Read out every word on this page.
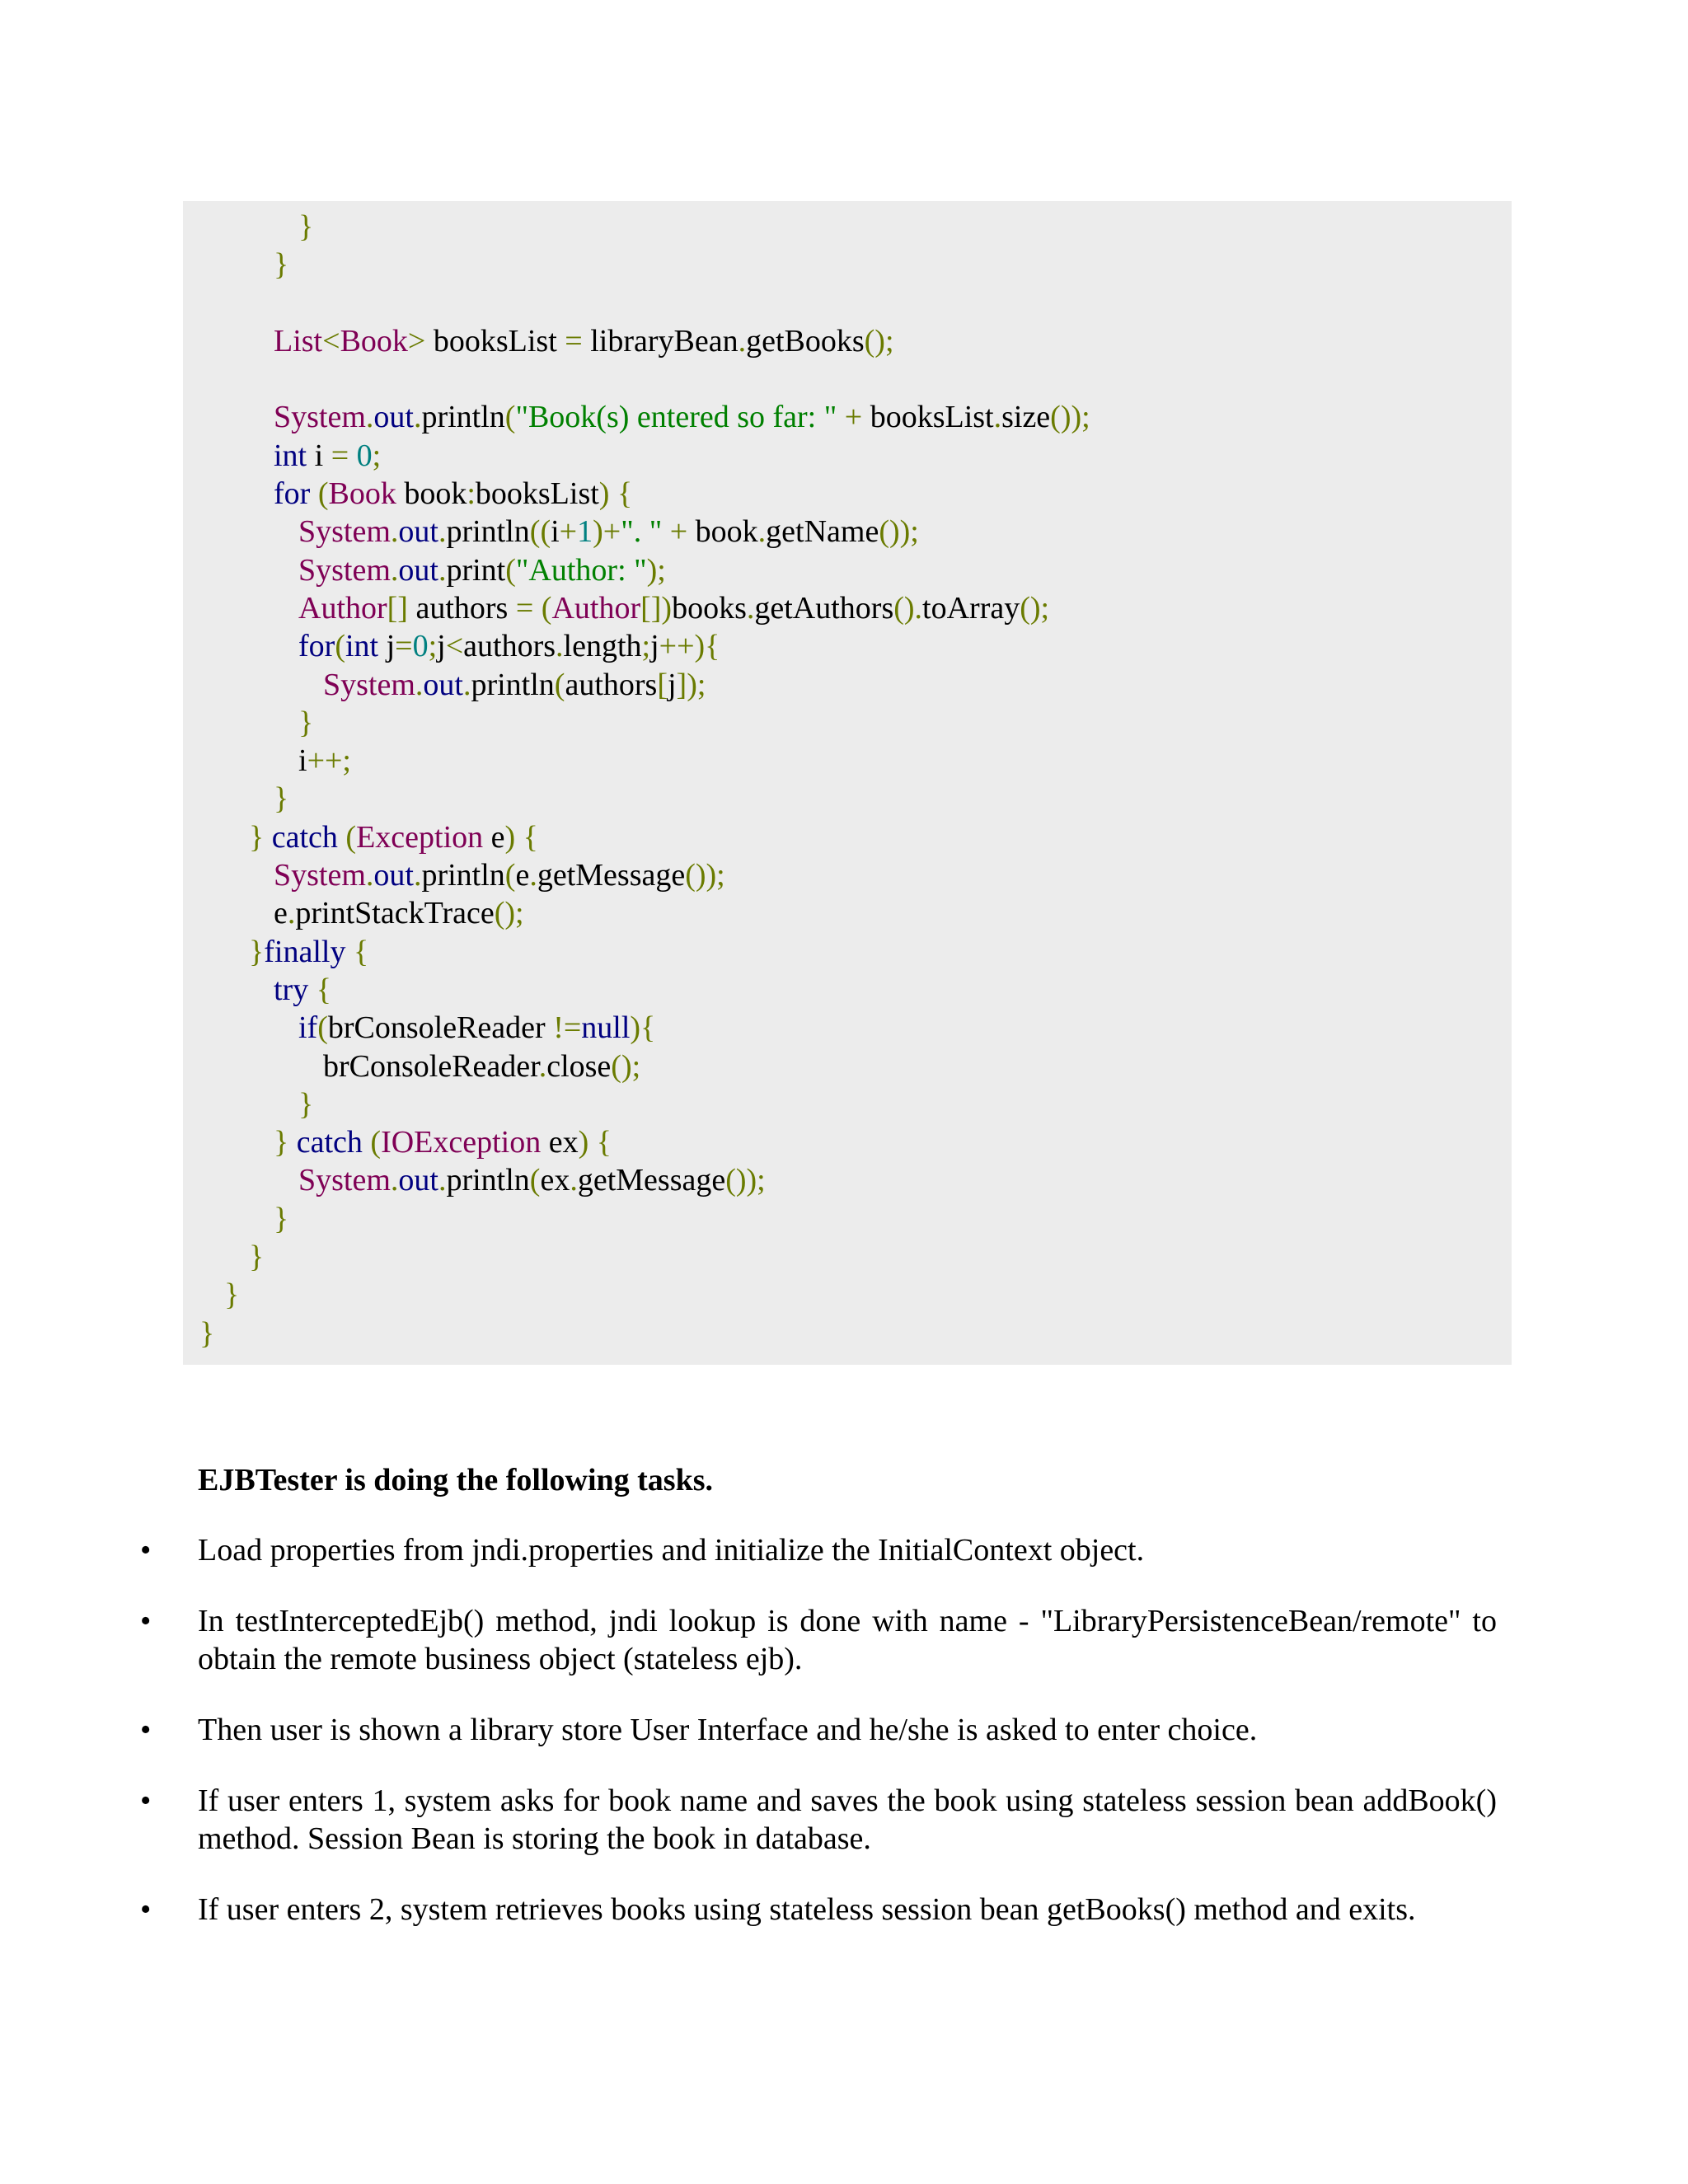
}
}
List<Book> booksList = libraryBean.getBooks();
System.out.println("Book(s) entered so far: " + booksList.size());
int i = 0;
for (Book book:booksList) {
System.out.println((i+1)+". " + book.getName());
System.out.print("Author: ");
Author[] authors = (Author[])books.getAuthors().toArray();
for(int j=0;j<authors.length;j++){
System.out.println(authors[j]);
}
i++;
}
} catch (Exception e) {
System.out.println(e.getMessage());
e.printStackTrace();
}finally {
try {
if(brConsoleReader !=null){
brConsoleReader.close();
}
} catch (IOException ex) {
System.out.println(ex.getMessage());
}
}
}
}
EJBTester is doing the following tasks.
• Load properties from jndi.properties and initialize the InitialContext object.
• In testInterceptedEjb() method, jndi lookup is done with name - "LibraryPersistenceBean/remote" to obtain the remote business object (stateless ejb).
• Then user is shown a library store User Interface and he/she is asked to enter choice.
• If user enters 1, system asks for book name and saves the book using stateless session bean addBook() method. Session Bean is storing the book in database.
• If user enters 2, system retrieves books using stateless session bean getBooks() method and exits.
